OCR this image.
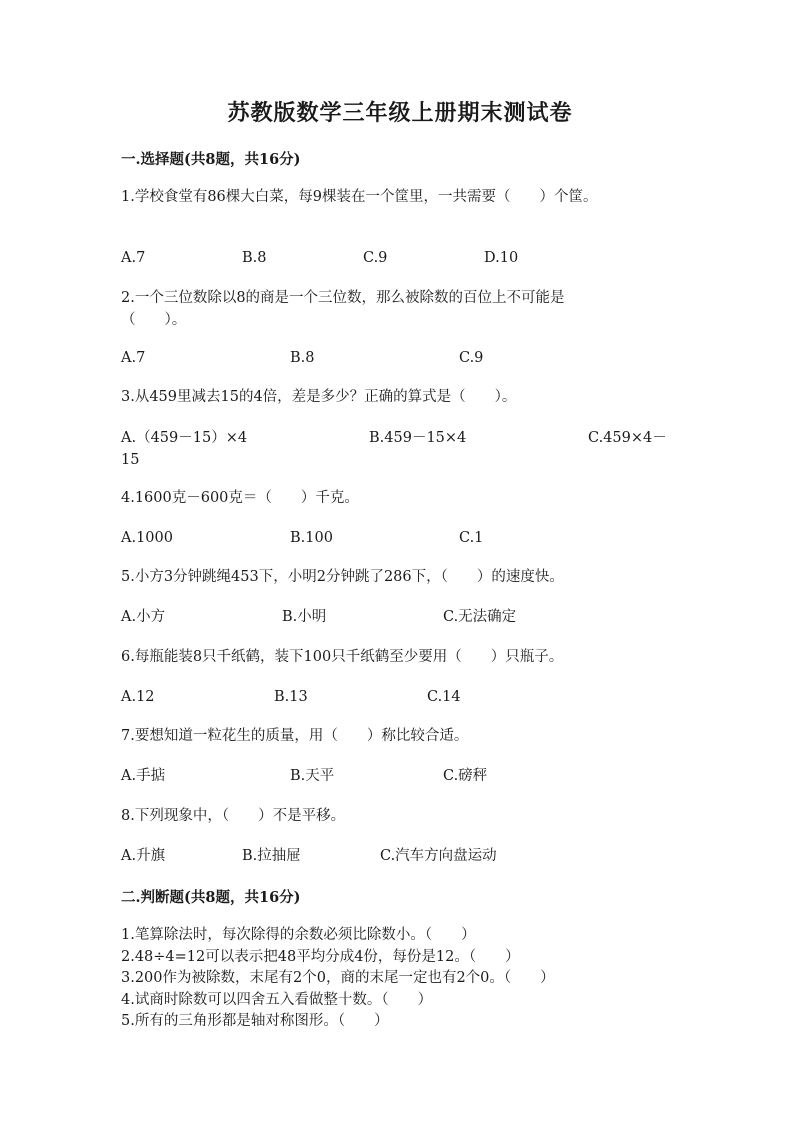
苏教版数学三年级上册期末测试卷
一.选择题(共8题，共16分)
1.学校食堂有86棵大白菜，每9棵装在一个筐里，一共需要（　　）个筐。
A.7	B.8	C.9	D.10
2.一个三位数除以8的商是一个三位数，那么被除数的百位上不可能是
（　　）。
A.7	B.8	C.9
3.从459里减去15的4倍，差是多少？正确的算式是（　　）。
A.（459－15）×4	B.459－15×4	C.459×4－
15
4.1600克－600克＝（　　）千克。
A.1000	B.100	C.1
5.小方3分钟跳绳453下，小明2分钟跳了286下，（　　）的速度快。
A.小方	B.小明	C.无法确定
6.每瓶能装8只千纸鹤，装下100只千纸鹤至少要用（　　）只瓶子。
A.12	B.13	C.14
7.要想知道一粒花生的质量，用（　　）称比较合适。
A.手掂	B.天平	C.磅秤
8.下列现象中，（　　）不是平移。
A.升旗	B.拉抽屉	C.汽车方向盘运动
二.判断题(共8题，共16分)
1.笔算除法时，每次除得的余数必须比除数小。（　　）
2.48÷4=12可以表示把48平均分成4份，每份是12。（　　）
3.200作为被除数，末尾有2个0，商的末尾一定也有2个0。（　　）
4.试商时除数可以四舍五入看做整十数。（　　）
5.所有的三角形都是轴对称图形。（　　）
